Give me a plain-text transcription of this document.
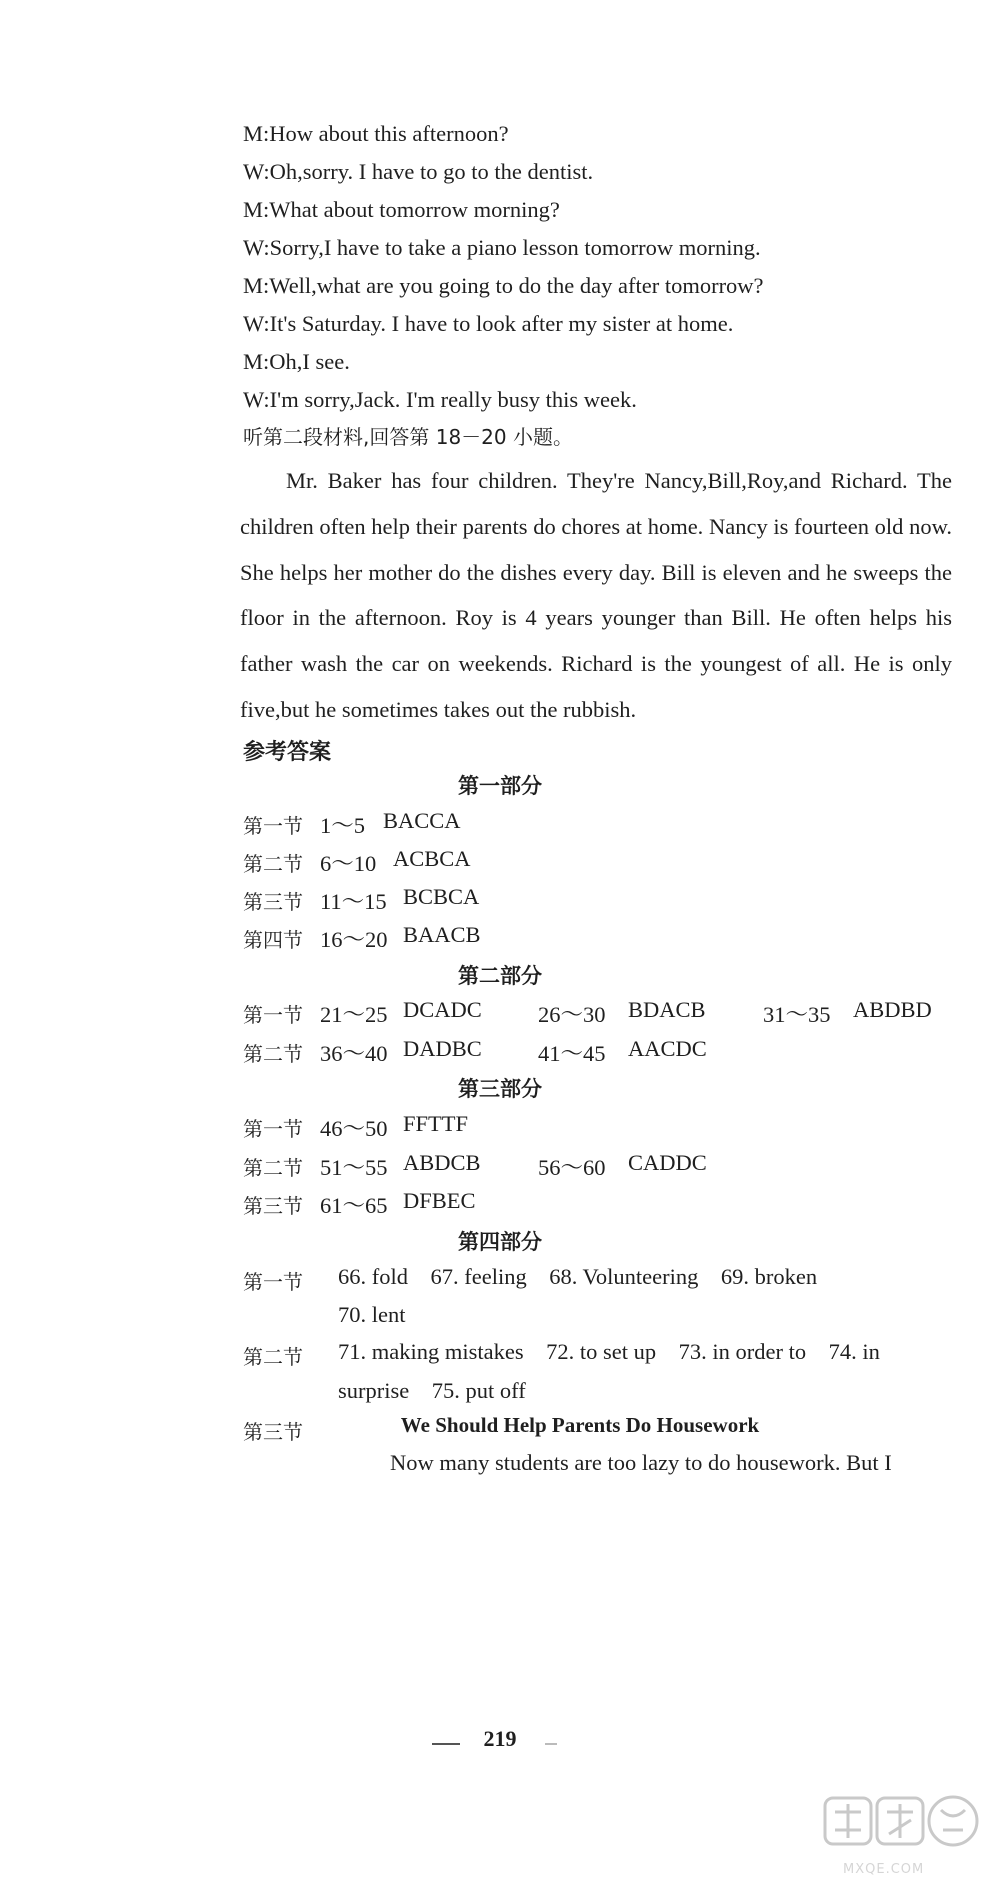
M:How about this afternoon?
W:Oh,sorry. I have to go to the dentist.
M:What about tomorrow morning?
W:Sorry,I have to take a piano lesson tomorrow morning.
M:Well,what are you going to do the day after tomorrow?
W:It's Saturday. I have to look after my sister at home.
M:Oh,I see.
W:I'm sorry,Jack. I'm really busy this week.
听第二段材料,回答第 18－20 小题。
Mr. Baker has four children. They're Nancy,Bill,Roy,and Richard. The children often help their parents do chores at home. Nancy is fourteen old now. She helps her mother do the dishes every day. Bill is eleven and he sweeps the floor in the afternoon. Roy is 4 years younger than Bill. He often helps his father wash the car on weekends. Richard is the youngest of all. He is only five,but he sometimes takes out the rubbish.
参考答案
第一部分
第一节 1～5 BACCA
第二节 6～10 ACBCA
第三节 11～15 BCBCA
第四节 16～20 BAACB
第二部分
第一节 21～25 DCADC 26～30 BDACB	31～35 ABDBD
第二节 36～40 DADBC 41～45 AACDC
第三部分
第一节 46～50 FFTTF
第二节 51～55 ABDCB	56～60 CADDC
第三节 61～65 DFBEC
第四部分
第一节 66. fold    67. feeling    68. Volunteering    69. broken
70. lent
第二节 71. making mistakes    72. to set up    73. in order to    74. in
surprise    75. put off
第三节	We Should Help Parents Do Housework
Now many students are too lazy to do housework. But I
219
MXQE.COM
